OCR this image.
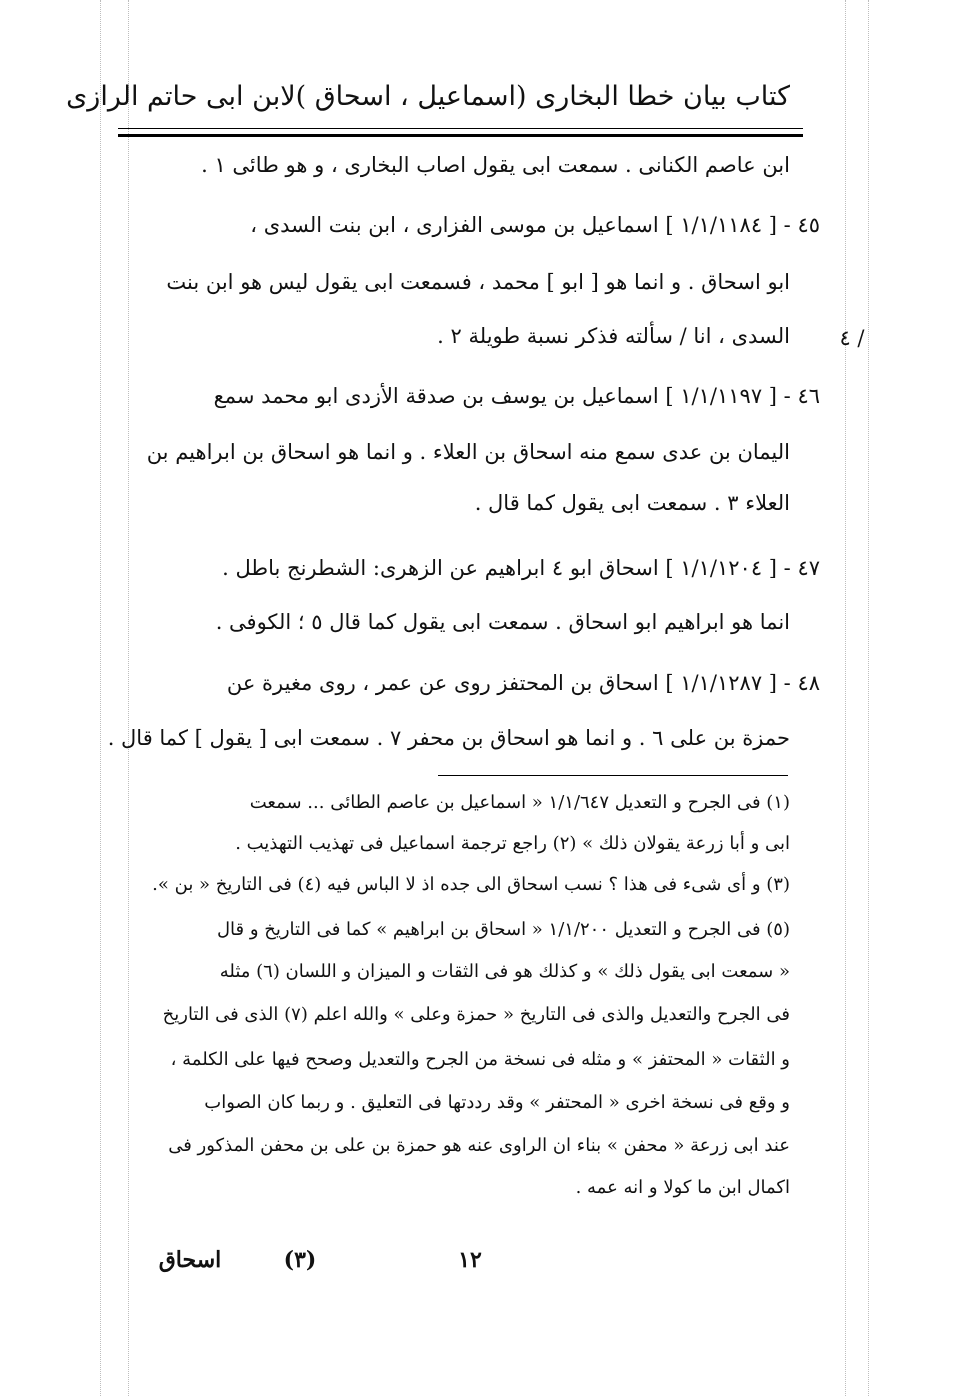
كتاب بيان خطا البخارى (اسماعيل ، اسحاق )لابن ابى حاتم الرازى
ابن عاصم الكنانى . سمعت ابى يقول اصاب البخارى ، و هو طائى ١ .
٤٥ - [ ١/١/١١٨٤ ] اسماعيل بن موسى الفزارى ، ابن بنت السدى ،
ابو اسحاق . و انما هو [ ابو ] محمد ، فسمعت ابى يقول ليس هو ابن بنت
السدى ، انا / سألته فذكر نسبة طويلة ٢ .
٤٦ - [ ١/١/١١٩٧ ] اسماعيل بن يوسف بن صدقة الأزدى ابو محمد سمع
اليمان بن عدى سمع منه اسحاق بن العلاء . و انما هو اسحاق بن ابراهيم بن
العلاء ٣ . سمعت ابى يقول كما قال .
٤٧ - [ ١/١/١٢٠٤ ] اسحاق ابو ٤ ابراهيم عن الزهرى: الشطرنج باطل .
انما هو ابراهيم ابو اسحاق . سمعت ابى يقول كما قال ٥ ؛ الكوفى .
٤٨ - [ ١/١/١٢٨٧ ] اسحاق بن المحتفز روى عن عمر ، روى مغيرة عن
حمزة بن على ٦ . و انما هو اسحاق بن محفر ٧ . سمعت ابى [ يقول ] كما قال .
٤ /
(١) فى الجرح و التعديل ١/١/٦٤٧ « اسماعيل بن عاصم الطائى ... سمعت
ابى و أبا زرعة يقولان ذلك » (٢) راجع ترجمة اسماعيل فى تهذيب التهذيب .
(٣) و أى شىء فى هذا ؟ نسب اسحاق الى جده اذ لا الباس فيه (٤) فى التاريخ « بن ».
(٥) فى الجرح و التعديل ١/١/٢٠٠ « اسحاق بن ابراهيم » كما فى التاريخ و قال
« سمعت ابى يقول ذلك » و كذلك هو فى الثقات و الميزان و اللسان (٦) مثله
فى الجرح والتعديل والذى فى التاريخ « حمزة وعلى » والله اعلم (٧) الذى فى التاريخ
و الثقات « المحتفز » و مثله فى نسخة من الجرح والتعديل وصحح فيها على الكلمة ،
و وقع فى نسخة اخرى « المحتفر » وقد رددتها فى التعليق . و ربما كان الصواب
عند ابى زرعة « محفن » بناء ان الراوى عنه هو حمزة بن على بن محفن المذكور فى
اكمال ابن ما كولا و انه عمه .
اسحاق	(٣)	١٢
